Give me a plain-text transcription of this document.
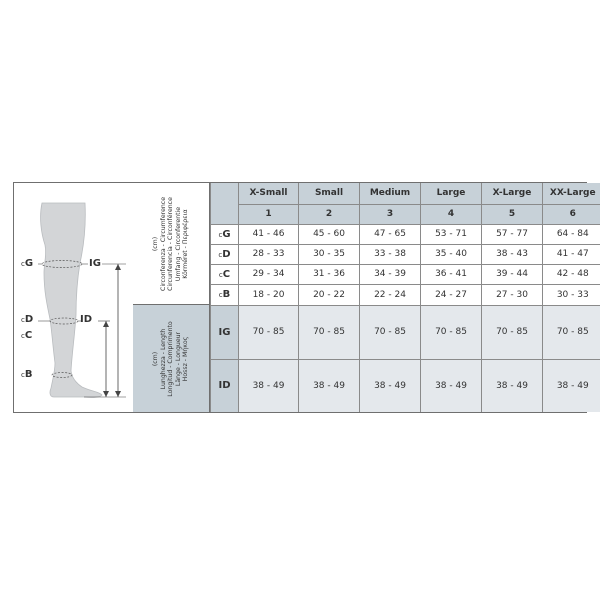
cG	IG
cD	ID
cC
cB
(cm) Circonferenza - Circumference Circunferencia - Circonférence Umfang - Circonferentie Körméret - Περιφέρεια
(cm) Lunghezza - Length Longitud - Comprimento Länge - Longueur Hossz - Μήκος
	X-Small	Small	Medium	Large	X-Large	XX-Large
	1	2	3	4	5	6
cG	41 - 46	45 - 60	47 - 65	53 - 71	57 - 77	64 - 84
cD	28 - 33	30 - 35	33 - 38	35 - 40	38 - 43	41 - 47
cC	29 - 34	31 - 36	34 - 39	36 - 41	39 - 44	42 - 48
cB	18 - 20	20 - 22	22 - 24	24 - 27	27 - 30	30 - 33
IG	70 - 85	70 - 85	70 - 85	70 - 85	70 - 85	70 - 85
ID	38 - 49	38 - 49	38 - 49	38 - 49	38 - 49	38 - 49
